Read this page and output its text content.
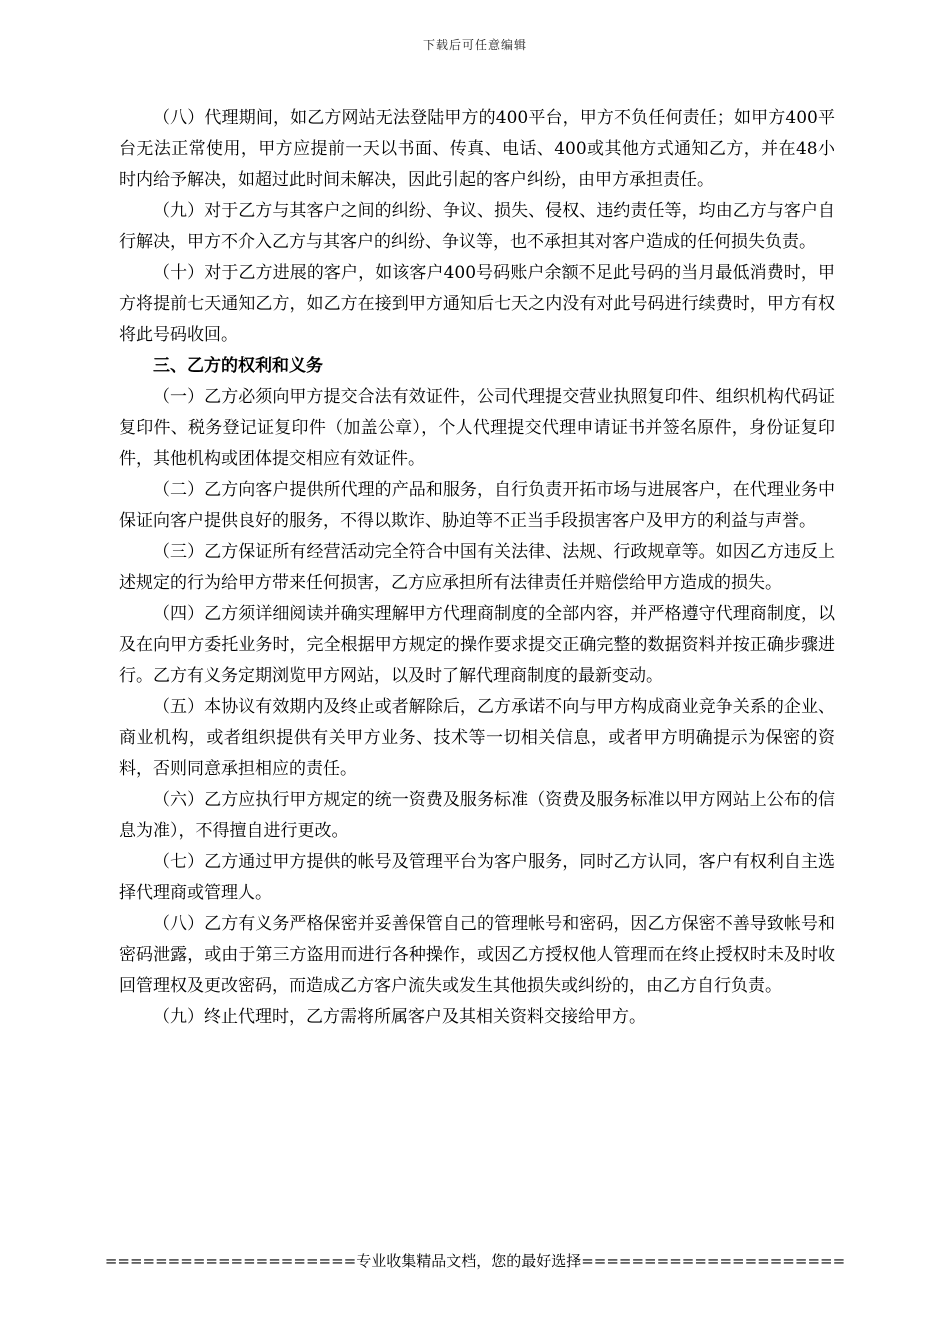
下载后可任意编辑

（八）代理期间，如乙方网站无法登陆甲方的400平台，甲方不负任何责任；如甲方400平台无法正常使用，甲方应提前一天以书面、传真、电话、400或其他方式通知乙方，并在48小时内给予解决，如超过此时间未解决，因此引起的客户纠纷，由甲方承担责任。

（九）对于乙方与其客户之间的纠纷、争议、损失、侵权、违约责任等，均由乙方与客户自行解决，甲方不介入乙方与其客户的纠纷、争议等，也不承担其对客户造成的任何损失负责。

（十）对于乙方进展的客户，如该客户400号码账户余额不足此号码的当月最低消费时，甲方将提前七天通知乙方，如乙方在接到甲方通知后七天之内没有对此号码进行续费时，甲方有权将此号码收回。

三、乙方的权利和义务

（一）乙方必须向甲方提交合法有效证件，公司代理提交营业执照复印件、组织机构代码证复印件、税务登记证复印件（加盖公章），个人代理提交代理申请证书并签名原件，身份证复印件，其他机构或团体提交相应有效证件。

（二）乙方向客户提供所代理的产品和服务，自行负责开拓市场与进展客户，在代理业务中保证向客户提供良好的服务，不得以欺诈、胁迫等不正当手段损害客户及甲方的利益与声誉。

（三）乙方保证所有经营活动完全符合中国有关法律、法规、行政规章等。如因乙方违反上述规定的行为给甲方带来任何损害，乙方应承担所有法律责任并赔偿给甲方造成的损失。

（四）乙方须详细阅读并确实理解甲方代理商制度的全部内容，并严格遵守代理商制度，以及在向甲方委托业务时，完全根据甲方规定的操作要求提交正确完整的数据资料并按正确步骤进行。乙方有义务定期浏览甲方网站，以及时了解代理商制度的最新变动。

（五）本协议有效期内及终止或者解除后，乙方承诺不向与甲方构成商业竞争关系的企业、商业机构，或者组织提供有关甲方业务、技术等一切相关信息，或者甲方明确提示为保密的资料，否则同意承担相应的责任。

（六）乙方应执行甲方规定的统一资费及服务标准（资费及服务标准以甲方网站上公布的信息为准），不得擅自进行更改。

（七）乙方通过甲方提供的帐号及管理平台为客户服务，同时乙方认同，客户有权利自主选择代理商或管理人。

（八）乙方有义务严格保密并妥善保管自己的管理帐号和密码，因乙方保密不善导致帐号和密码泄露，或由于第三方盗用而进行各种操作，或因乙方授权他人管理而在终止授权时未及时收回管理权及更改密码，而造成乙方客户流失或发生其他损失或纠纷的，由乙方自行负责。

（九）终止代理时，乙方需将所属客户及其相关资料交接给甲方。

====================专业收集精品文档，您的最好选择=====================
